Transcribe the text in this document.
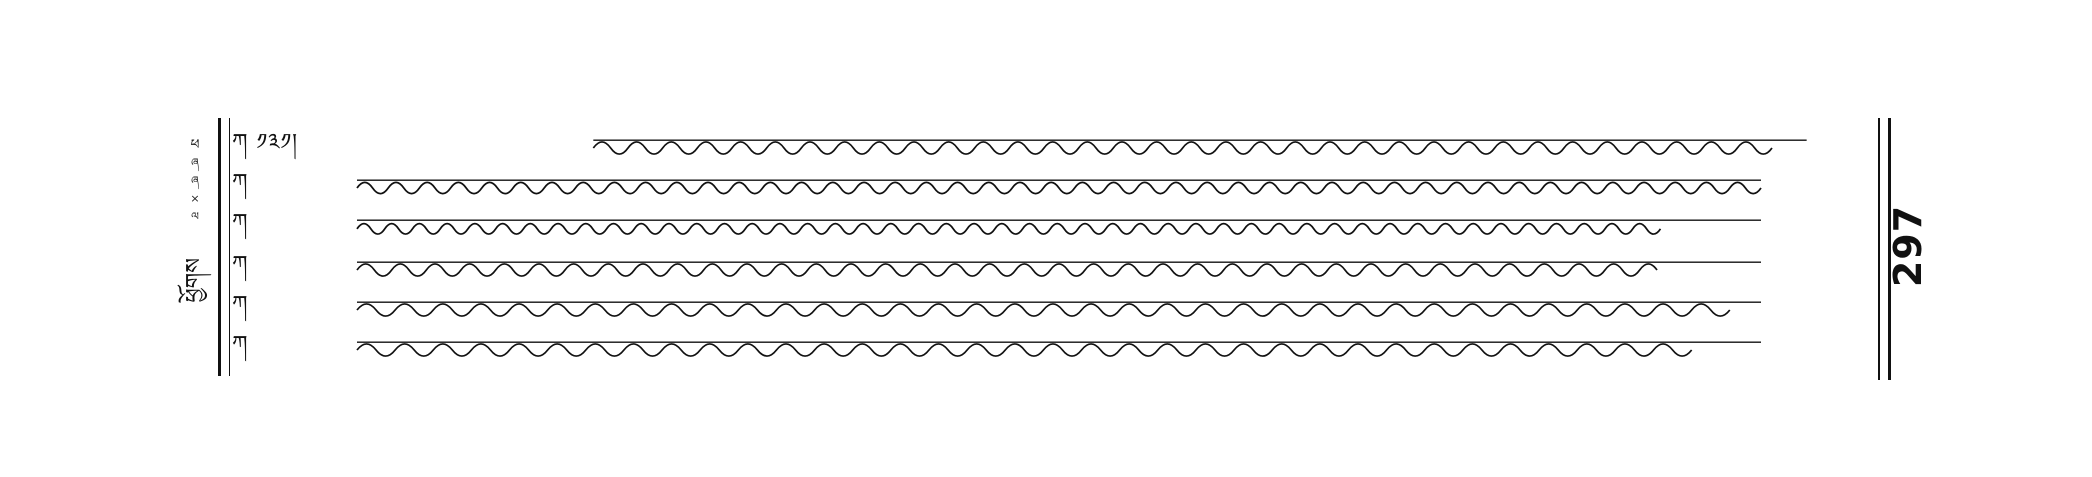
ཕ
ཞ
ཞ
×
ལ
ཕྱོགས	297
ཀ ༡༣༡།
ཀ
ཀ
ཀ
ཀ
ཀ
